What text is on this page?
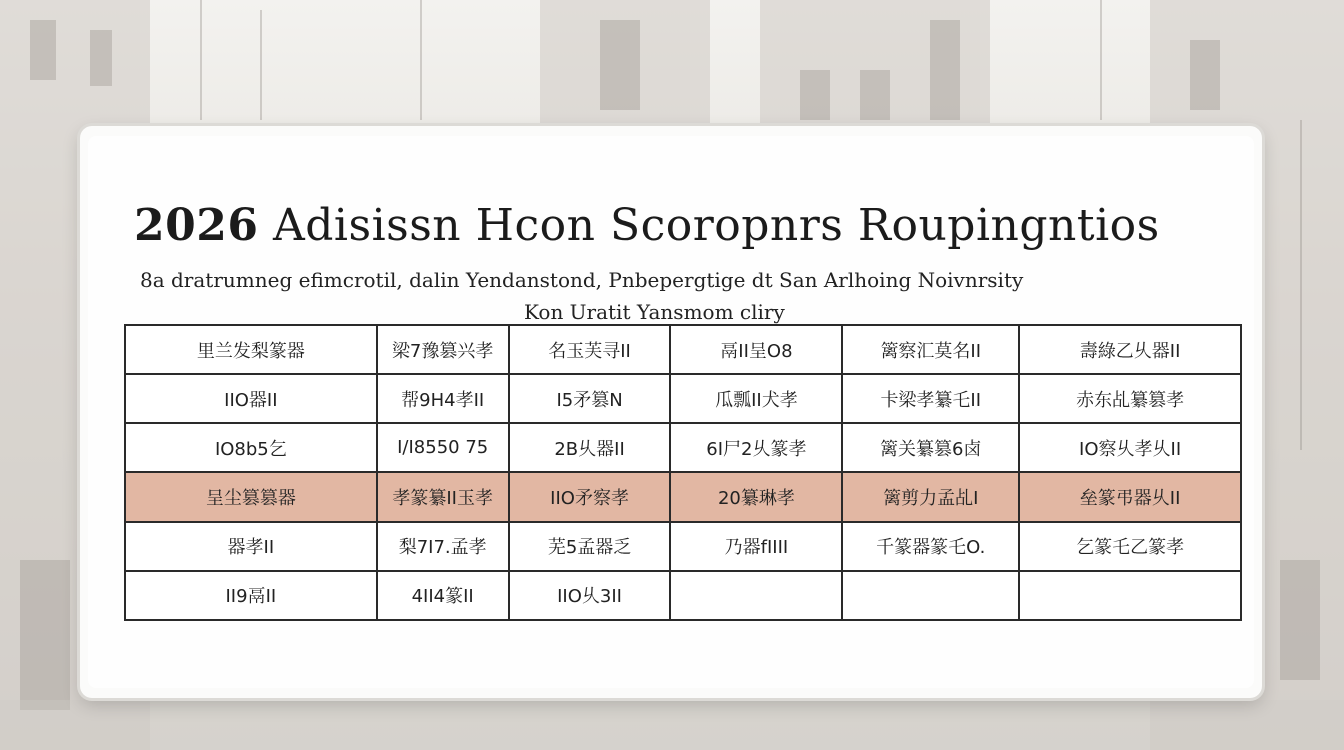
2026 Adisissn Hcon Scoropnrs Roupingntios
8a dratrumneg efimcrotil, dalin Yendanstond, Pnbepergtige dt San Arlhoing Noivnrsity
Kon Uratit Yansmom cliry
里兰发梨篆器	梁7豫篡兴孝	名玉芙寻II	鬲II呈O8	篱察汇莫名II	壽綠乙乆器II
IIO器II	帮9H4孝II	I5矛篡N	瓜瓢II犬孝	卡梁孝纂乇II	赤东乩纂篡孝
IO8b5乞	I/I8550 75	2B乆器II	6I尸2乆篆孝	篱关纂篡6卤	IO察乆孝乆II
呈尘篡篡器	孝篆纂II玉孝	IIO矛察孝	20纂琳孝	篱剪力孟乩I	垒篆弔器乆II
器孝II	梨7I7.孟孝	芜5孟器乏	乃器fIIII	千篆器篆乇O.	乞篆乇乙篆孝
II9鬲II	4II4篆II	IIO乆3II			
